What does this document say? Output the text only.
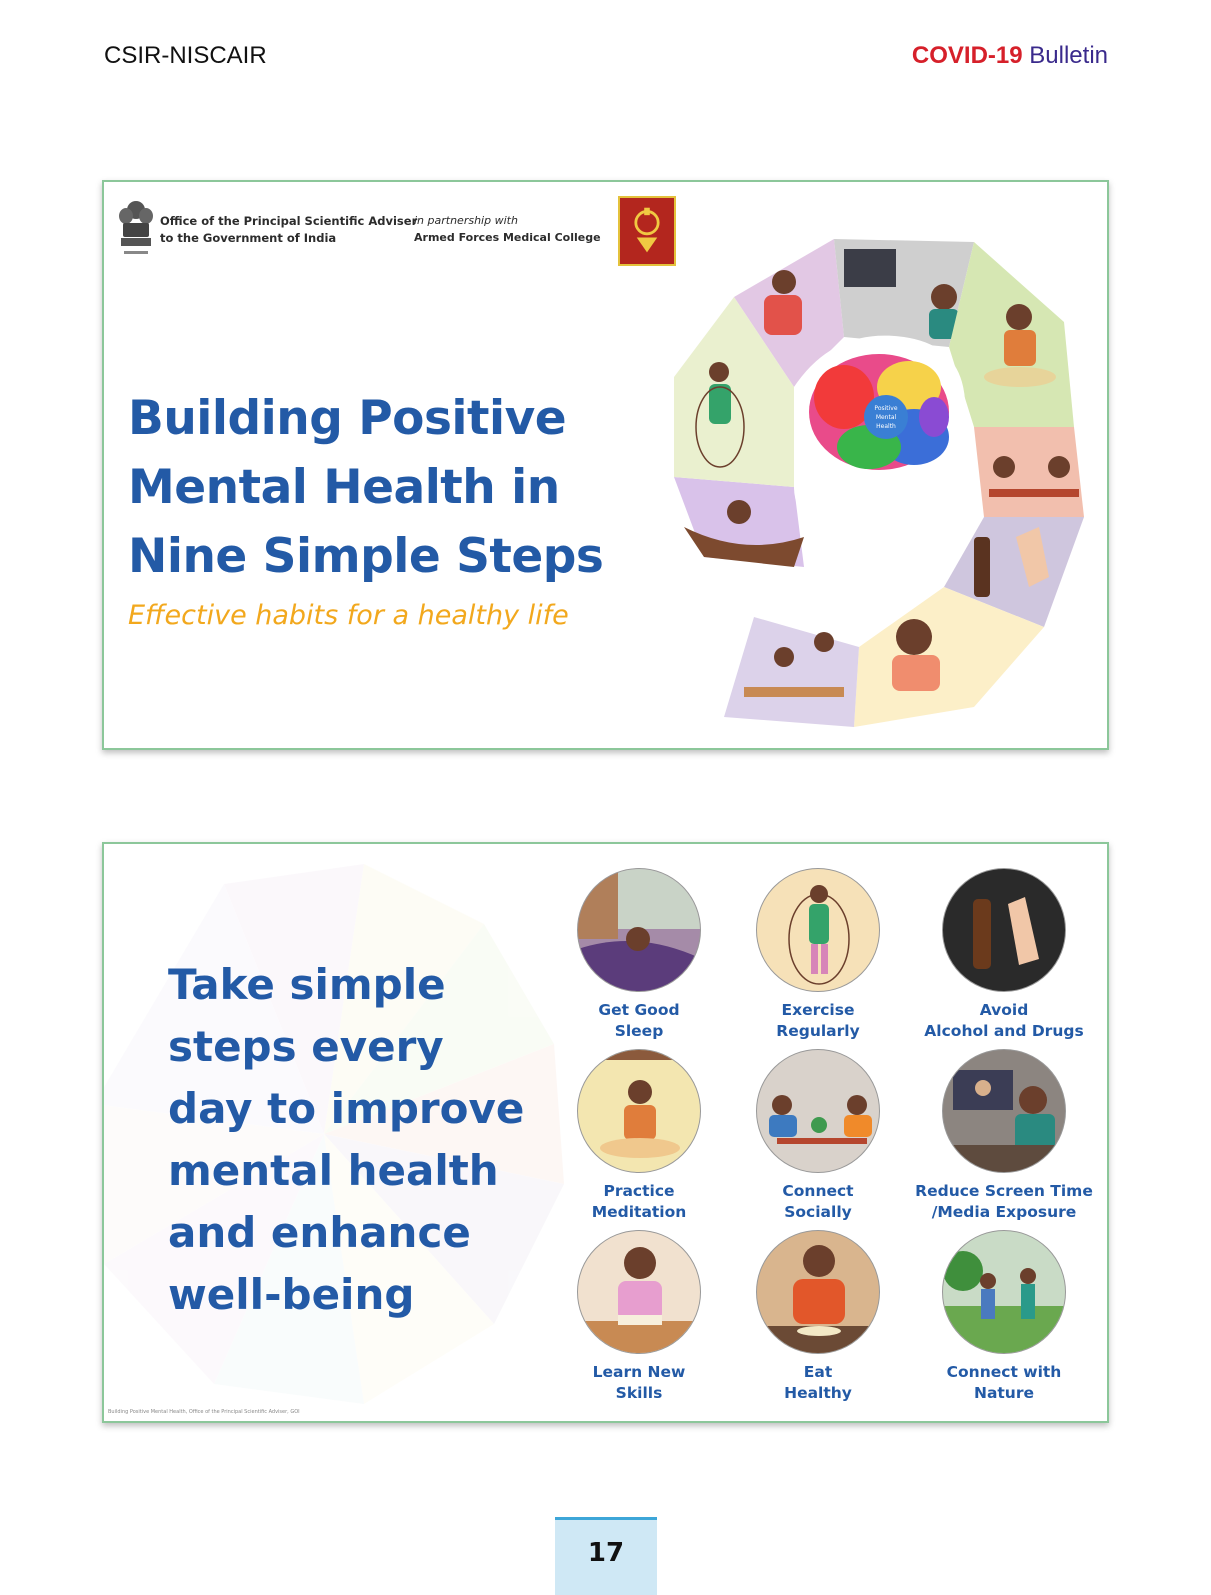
CSIR-NISCAIR	COVID-19 Bulletin
Office of the Principal Scientific Adviser
to the Government of India
in partnership with
Armed Forces Medical College
Building Positive
Mental Health in
Nine Simple Steps
Effective habits for a healthy life
Positive
Mental
Health
Take simple
steps every
day to improve
mental health
and enhance
well-being
Get Good
Sleep
Exercise
Regularly
Avoid
Alcohol and Drugs
Practice
Meditation
Connect
Socially
Reduce Screen Time
/Media Exposure
Learn New
Skills
Eat
Healthy
Connect with
Nature
Building Positive Mental Health, Office of the Principal Scientific Adviser, GOI
17
